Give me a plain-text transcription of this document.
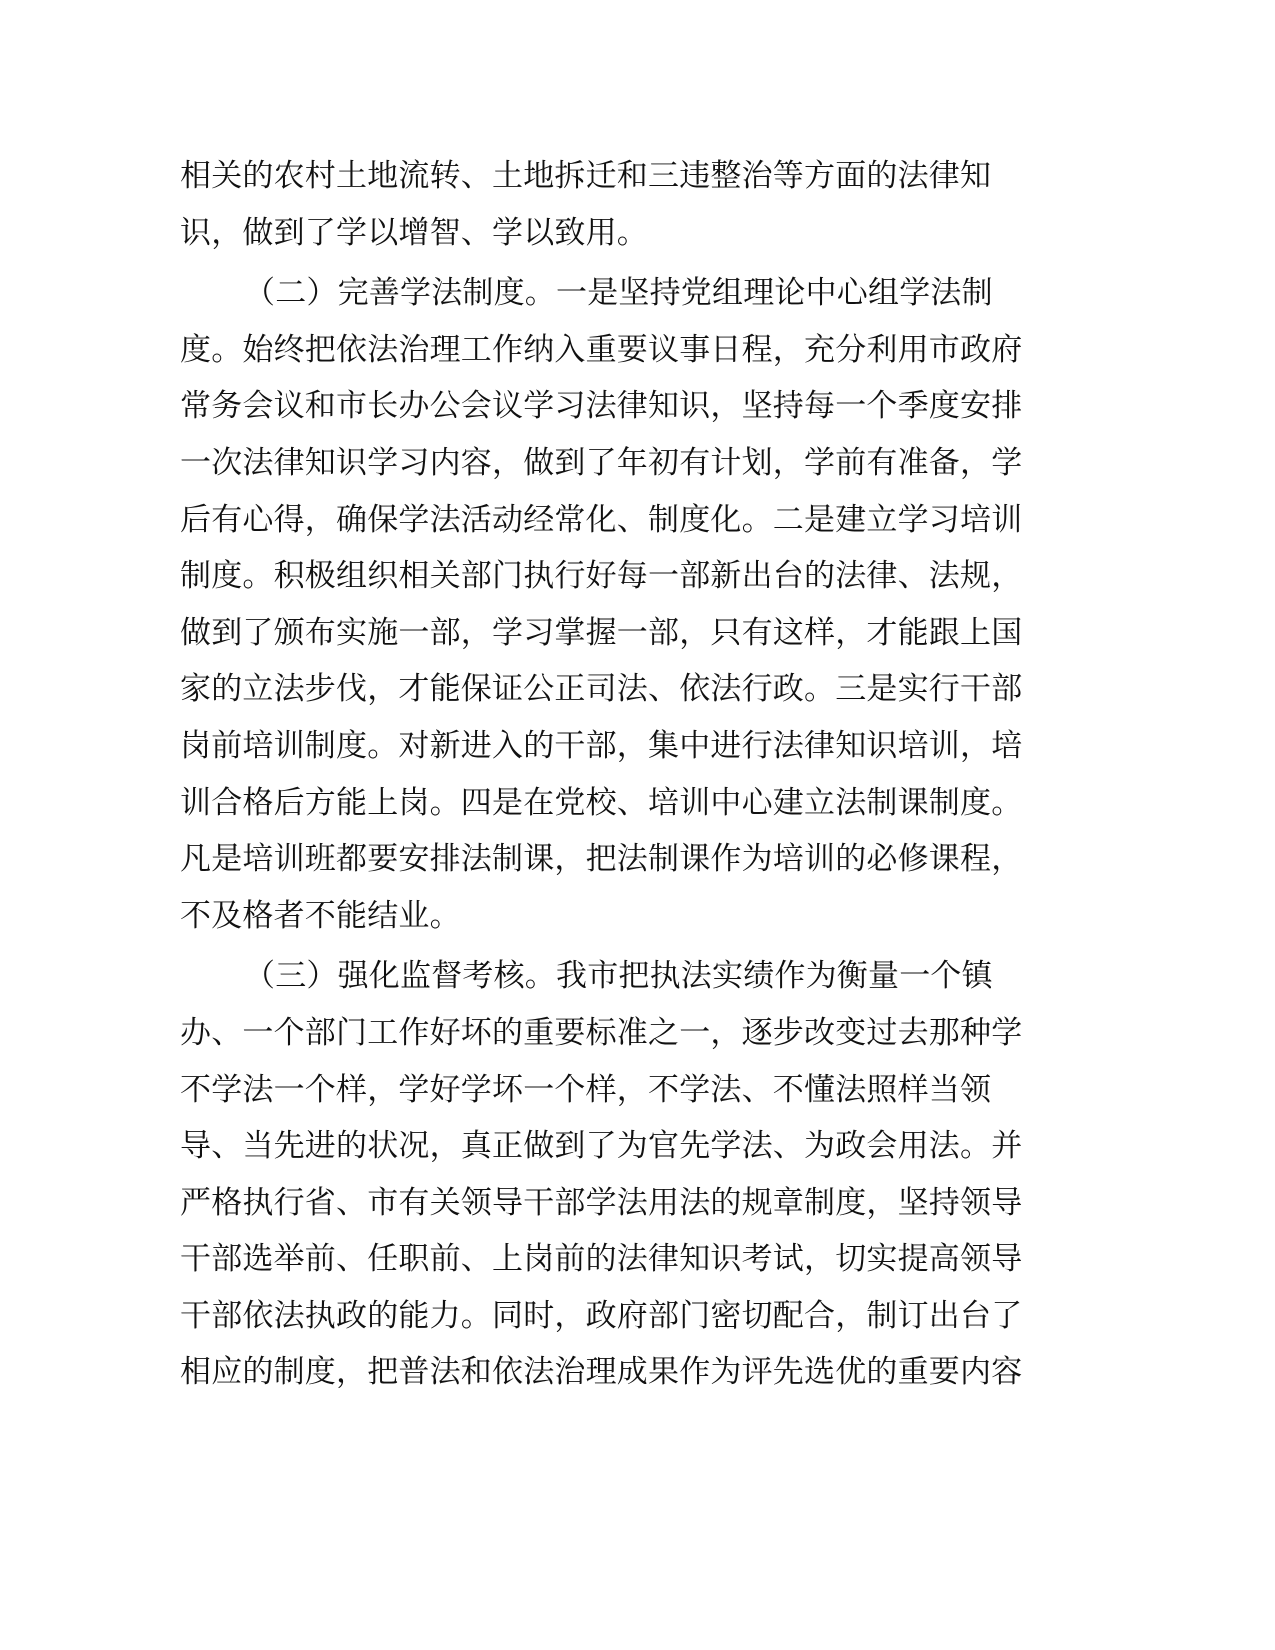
相关的农村土地流转、土地拆迁和三违整治等方面的法律知
识，做到了学以增智、学以致用。

（二）完善学法制度。一是坚持党组理论中心组学法制
度。始终把依法治理工作纳入重要议事日程，充分利用市政府
常务会议和市长办公会议学习法律知识，坚持每一个季度安排
一次法律知识学习内容，做到了年初有计划，学前有准备，学
后有心得，确保学法活动经常化、制度化。二是建立学习培训
制度。积极组织相关部门执行好每一部新出台的法律、法规，
做到了颁布实施一部，学习掌握一部，只有这样，才能跟上国
家的立法步伐，才能保证公正司法、依法行政。三是实行干部
岗前培训制度。对新进入的干部，集中进行法律知识培训，培
训合格后方能上岗。四是在党校、培训中心建立法制课制度。
凡是培训班都要安排法制课，把法制课作为培训的必修课程，
不及格者不能结业。

（三）强化监督考核。我市把执法实绩作为衡量一个镇
办、一个部门工作好坏的重要标准之一，逐步改变过去那种学
不学法一个样，学好学坏一个样，不学法、不懂法照样当领
导、当先进的状况，真正做到了为官先学法、为政会用法。并
严格执行省、市有关领导干部学法用法的规章制度，坚持领导
干部选举前、任职前、上岗前的法律知识考试，切实提高领导
干部依法执政的能力。同时，政府部门密切配合，制订出台了
相应的制度，把普法和依法治理成果作为评先选优的重要内容
